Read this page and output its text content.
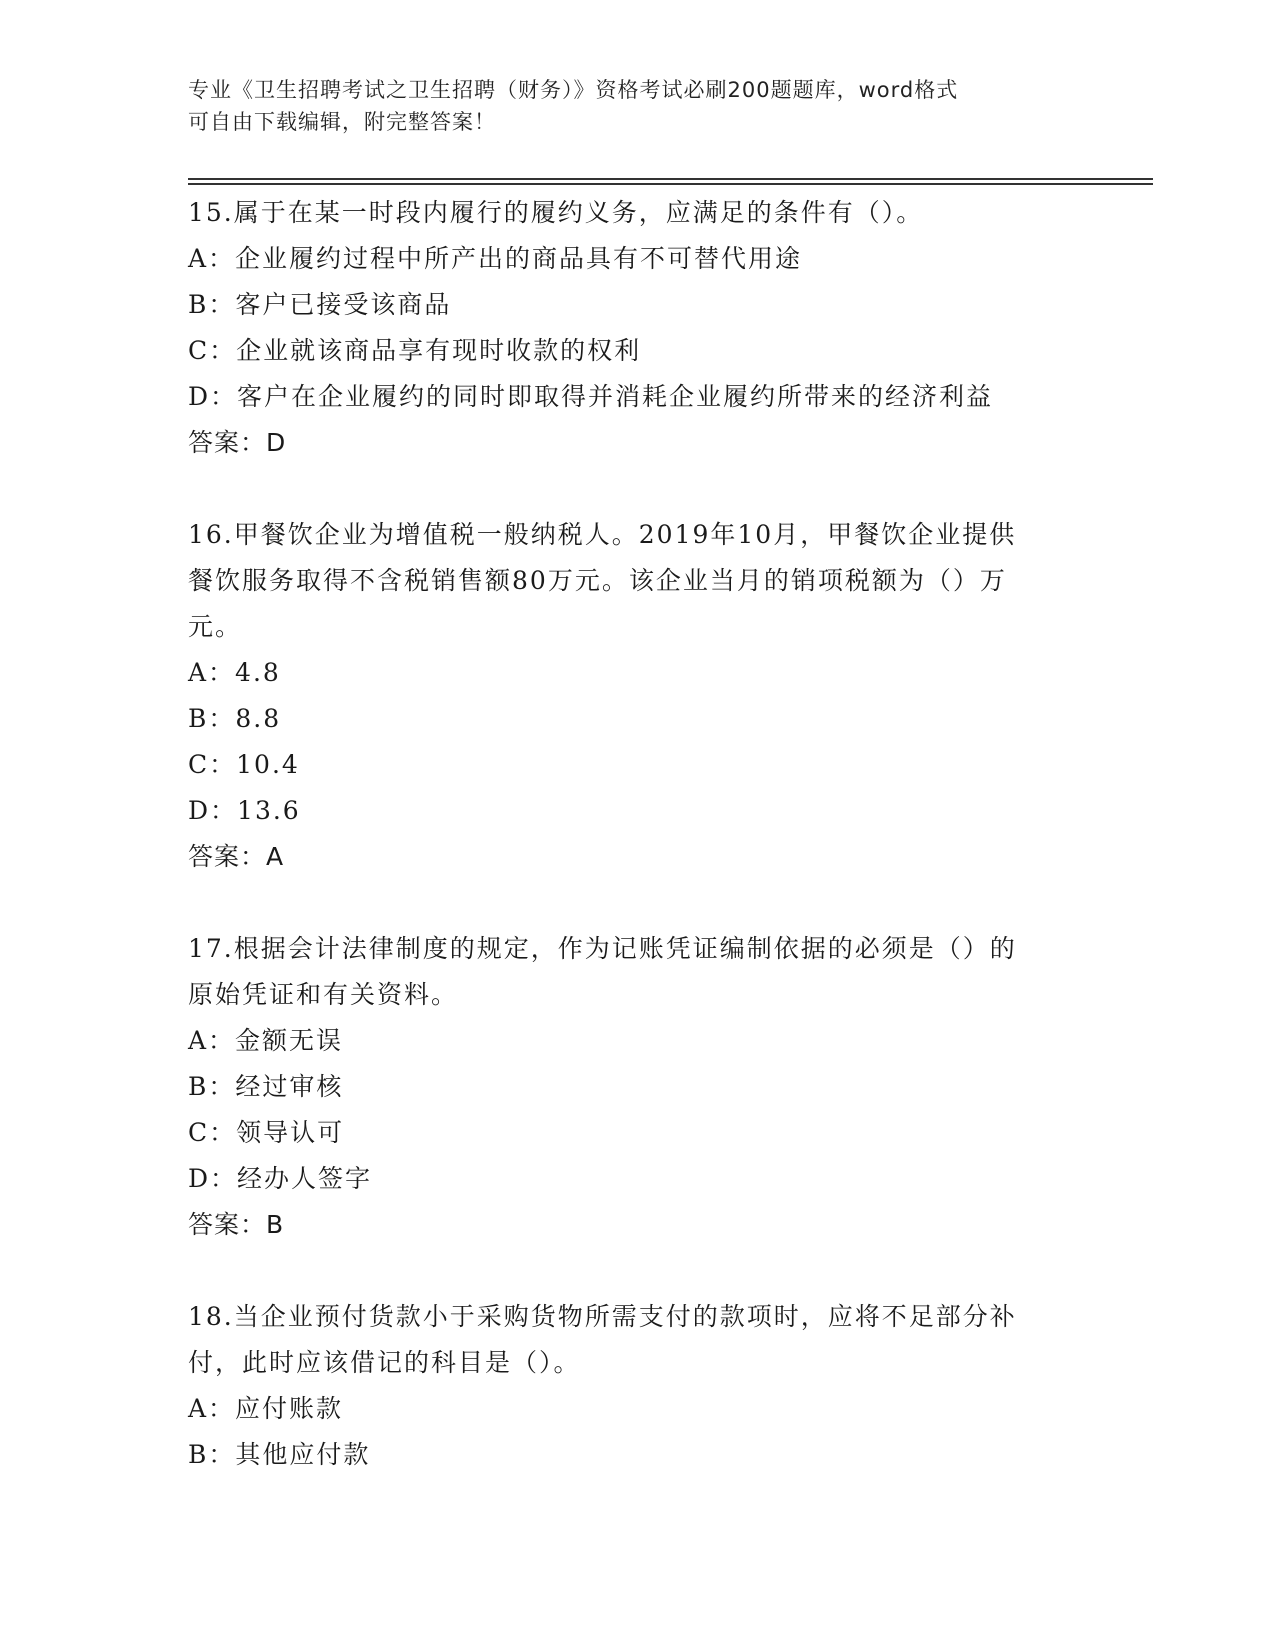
专业《卫生招聘考试之卫生招聘（财务）》资格考试必刷200题题库，word格式
可自由下载编辑，附完整答案！
15.属于在某一时段内履行的履约义务，应满足的条件有（）。
A：企业履约过程中所产出的商品具有不可替代用途
B：客户已接受该商品
C：企业就该商品享有现时收款的权利
D：客户在企业履约的同时即取得并消耗企业履约所带来的经济利益
答案：D
16.甲餐饮企业为增值税一般纳税人。2019年10月，甲餐饮企业提供
餐饮服务取得不含税销售额80万元。该企业当月的销项税额为（）万
元。
A：4.8
B：8.8
C：10.4
D：13.6
答案：A
17.根据会计法律制度的规定，作为记账凭证编制依据的必须是（）的
原始凭证和有关资料。
A：金额无误
B：经过审核
C：领导认可
D：经办人签字
答案：B
18.当企业预付货款小于采购货物所需支付的款项时，应将不足部分补
付，此时应该借记的科目是（）。
A：应付账款
B：其他应付款
